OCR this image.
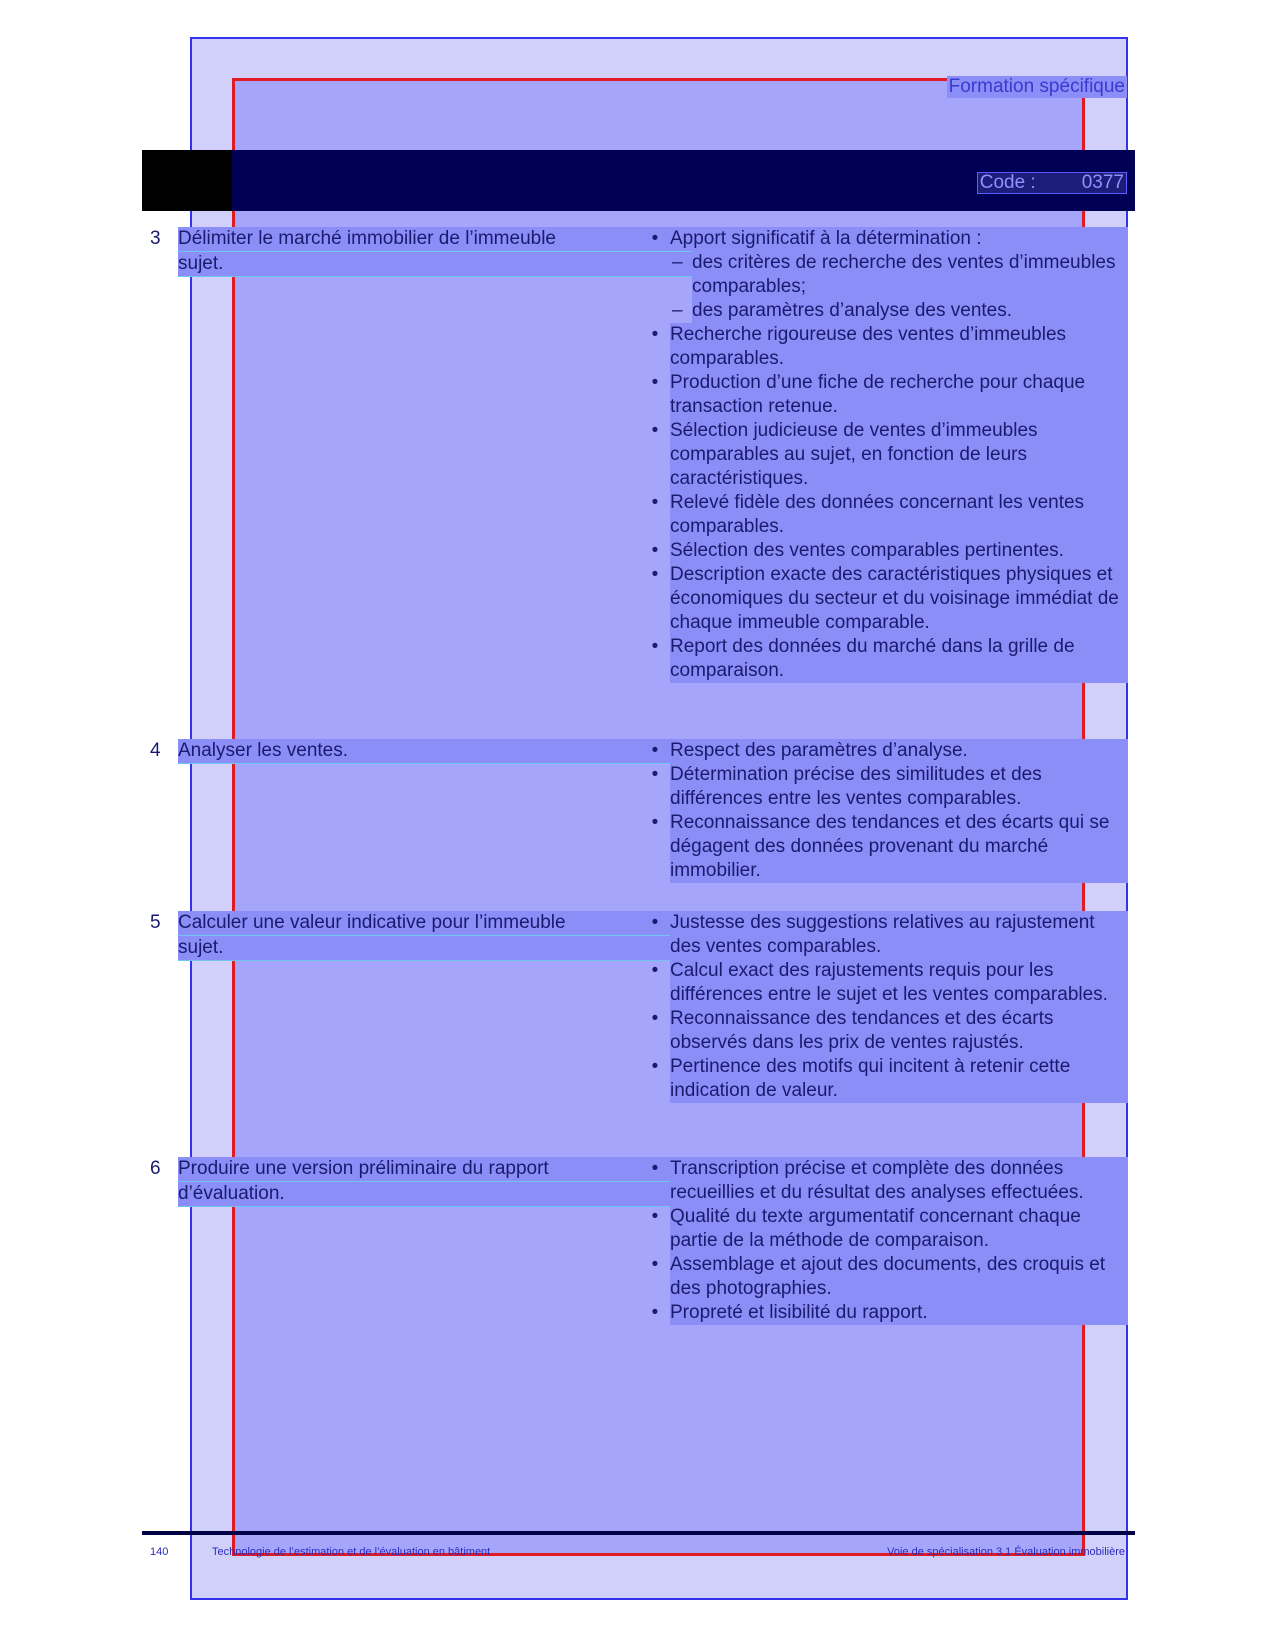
Formation spécifique
Code : 0377
3 Délimiter le marché immobilier de l’immeuble
sujet.
• Apport significatif à la détermination :
– des critères de recherche des ventes d’immeubles comparables;
– des paramètres d’analyse des ventes.
• Recherche rigoureuse des ventes d’immeubles comparables.
• Production d’une fiche de recherche pour chaque transaction retenue.
• Sélection judicieuse de ventes d’immeubles comparables au sujet, en fonction de leurs caractéristiques.
• Relevé fidèle des données concernant les ventes comparables.
• Sélection des ventes comparables pertinentes.
• Description exacte des caractéristiques physiques et économiques du secteur et du voisinage immédiat de chaque immeuble comparable.
• Report des données du marché dans la grille de comparaison.
4 Analyser les ventes.	• Respect des paramètres d’analyse.
• Détermination précise des similitudes et des différences entre les ventes comparables.
• Reconnaissance des tendances et des écarts qui se dégagent des données provenant du marché immobilier.
5 Calculer une valeur indicative pour l’immeuble
sujet.
• Justesse des suggestions relatives au rajustement des ventes comparables.
• Calcul exact des rajustements requis pour les différences entre le sujet et les ventes comparables.
• Reconnaissance des tendances et des écarts observés dans les prix de ventes rajustés.
• Pertinence des motifs qui incitent à retenir cette indication de valeur.
6 Produire une version préliminaire du rapport
d’évaluation.
• Transcription précise et complète des données recueillies et du résultat des analyses effectuées.
• Qualité du texte argumentatif concernant chaque partie de la méthode de comparaison.
• Assemblage et ajout des documents, des croquis et des photographies.
• Propreté et lisibilité du rapport.
140	Technologie de l’estimation et de l’évaluation en bâtiment	Voie de spécialisation 3.1 Évaluation immobilière
